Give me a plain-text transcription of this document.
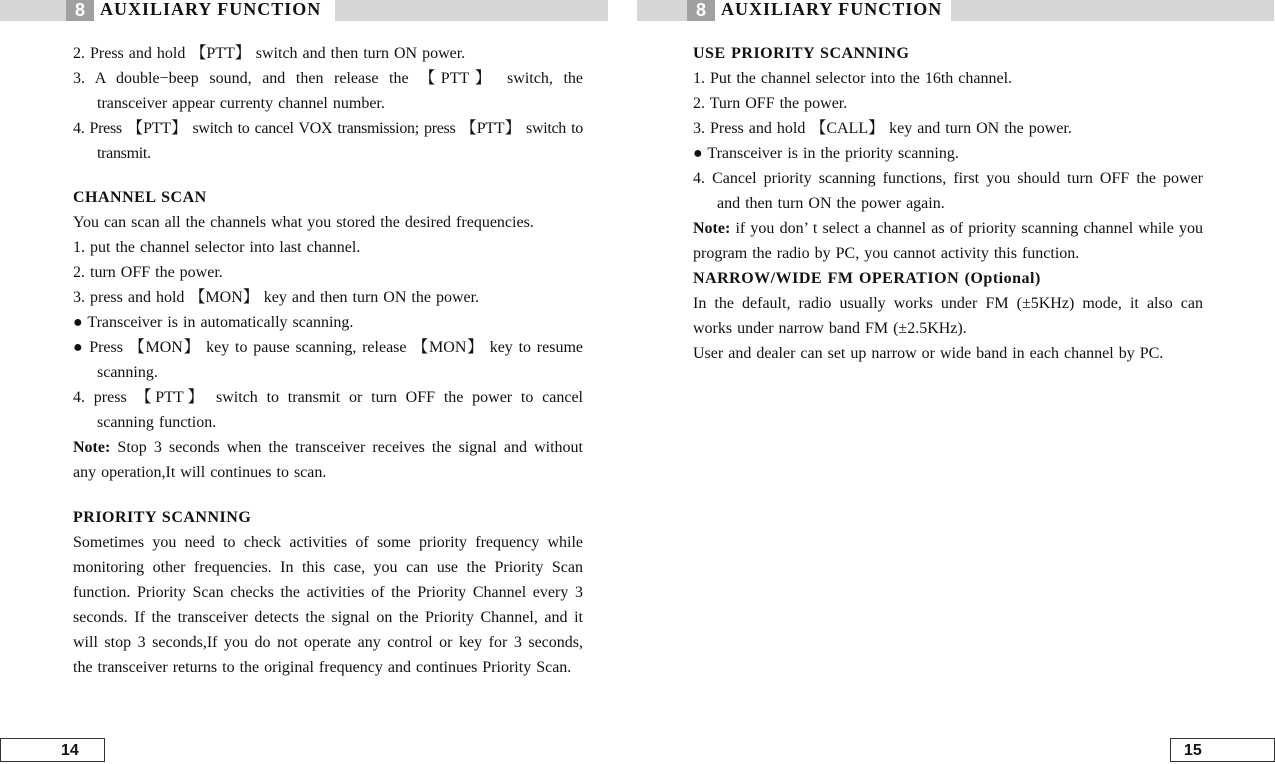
8 AUXILIARY FUNCTION

2. Press and hold 【PTT】 switch and then turn ON power.

3. A double−beep sound, and then release the 【PTT】 switch, the transceiver appear currenty channel number.

4. Press 【PTT】 switch to cancel VOX transmission; press 【PTT】 switch to transmit.

CHANNEL SCAN

You can scan all the channels what you stored the desired frequencies.

1. put the channel selector into last channel.

2. turn OFF the power.

3. press and hold 【MON】 key and then turn ON the power.

● Transceiver is in automatically scanning.

● Press 【MON】 key to pause scanning, release 【MON】 key to resume scanning.

4. press 【PTT】 switch to transmit or turn OFF the power to cancel scanning function.

Note: Stop 3 seconds when the transceiver receives the signal and without any operation,It will continues to scan.

PRIORITY SCANNING

Sometimes you need to check activities of some priority frequency while monitoring other frequencies. In this case, you can use the Priority Scan function. Priority Scan checks the activities of the Priority Channel every 3 seconds. If the transceiver detects the signal on the Priority Channel, and it will stop 3 seconds,If you do not operate any control or key for 3 seconds, the transceiver returns to the original frequency and continues Priority Scan.

14
8 AUXILIARY FUNCTION

USE PRIORITY SCANNING

1. Put the channel selector into the 16th channel.

2. Turn OFF the power.

3. Press and hold 【CALL】 key and turn ON the power.

● Transceiver is in the priority scanning.

4. Cancel priority scanning functions, first you should turn OFF the power and then turn ON the power again.

Note: if you don’ t select a channel as of priority scanning channel while you program the radio by PC, you cannot activity this function.

NARROW/WIDE FM OPERATION (Optional)

In the default, radio usually works under FM (±5KHz) mode, it also can works under narrow band FM (±2.5KHz).

User and dealer can set up narrow or wide band in each channel by PC.

15
